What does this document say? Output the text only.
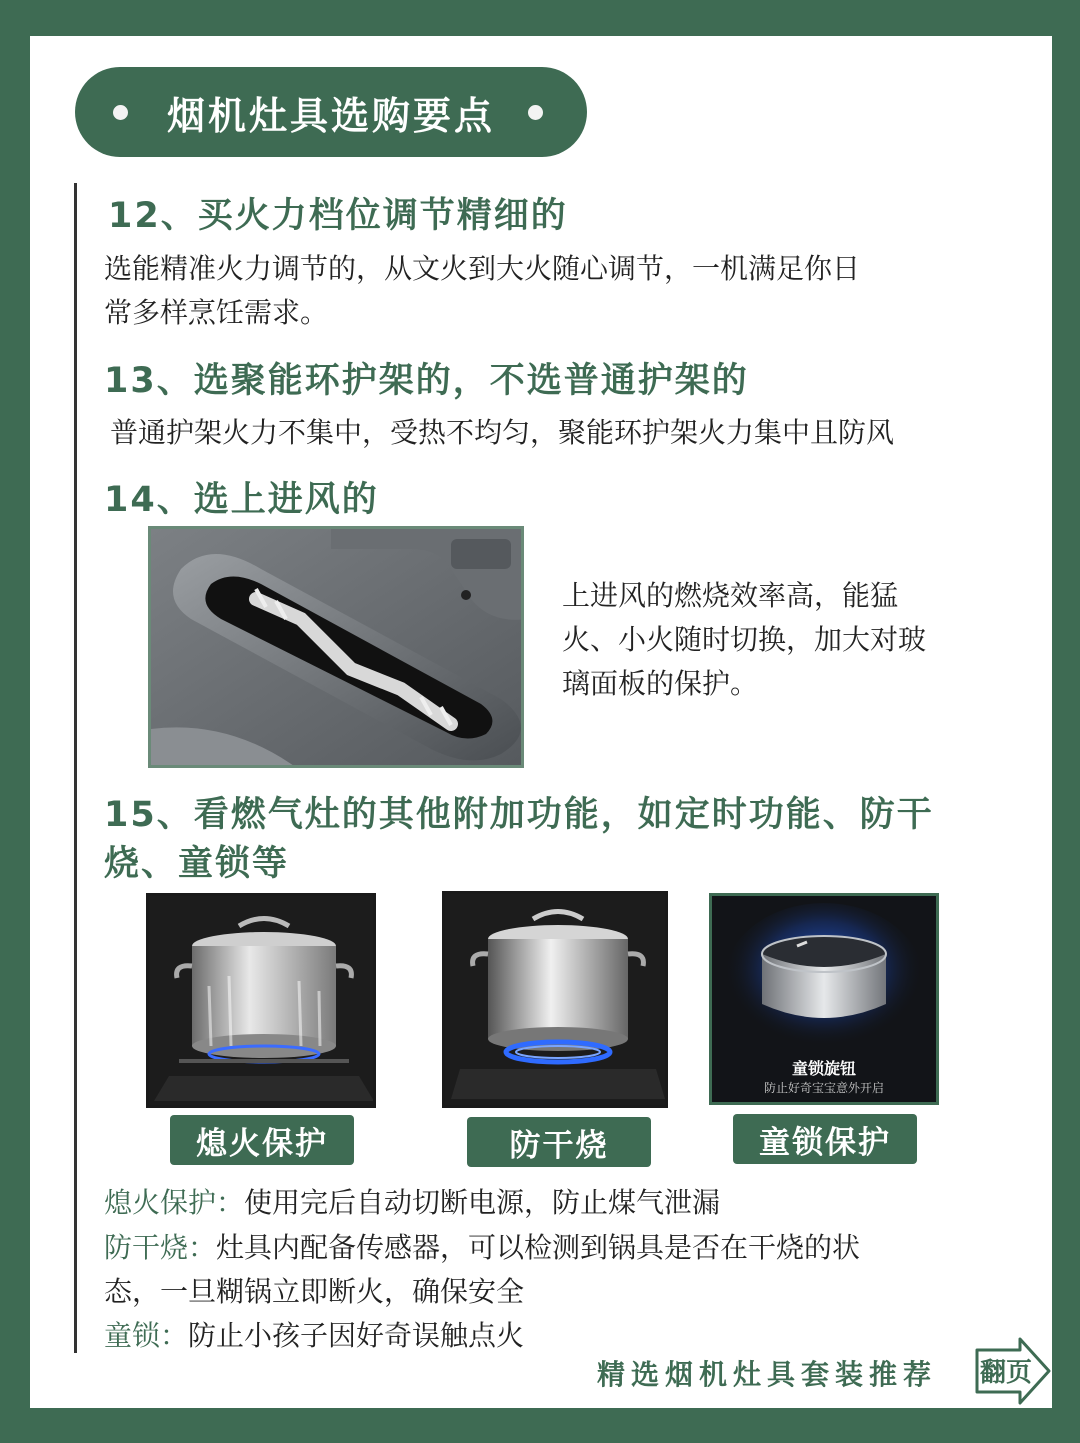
烟机灶具选购要点
12、买火力档位调节精细的
选能精准火力调节的，从文火到大火随心调节，一机满足你日
常多样烹饪需求。
13、选聚能环护架的，不选普通护架的
普通护架火力不集中，受热不均匀，聚能环护架火力集中且防风
14、选上进风的
上进风的燃烧效率高，能猛
火、小火随时切换，加大对玻
璃面板的保护。
15、看燃气灶的其他附加功能，如定时功能、防干
烧、童锁等
童锁旋钮
防止好奇宝宝意外开启
熄火保护	防干烧	童锁保护
熄火保护：使用完后自动切断电源，防止煤气泄漏
防干烧：灶具内配备传感器，可以检测到锅具是否在干烧的状
态，一旦糊锅立即断火，确保安全
童锁：防止小孩子因好奇误触点火
精选烟机灶具套装推荐 翻页
